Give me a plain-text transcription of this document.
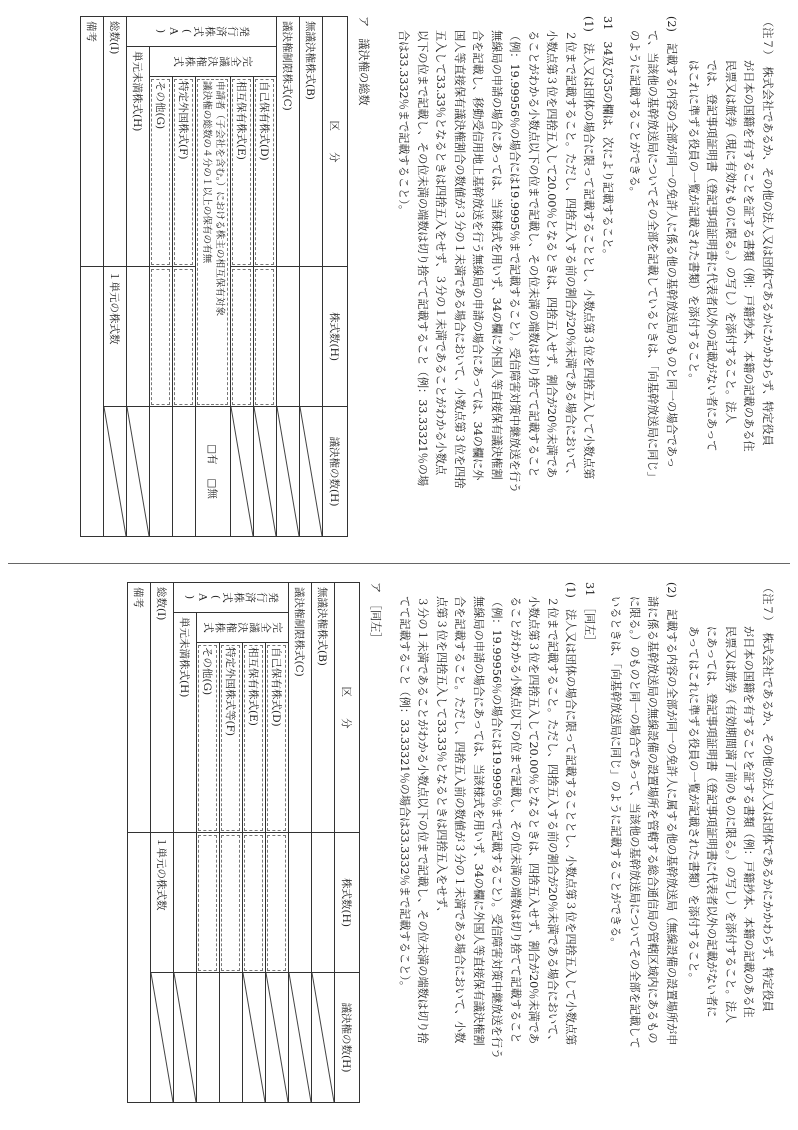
（注７）　株式会社であるか、その他の法人又は団体であるかにかかわらず、特定役員
が日本の国籍を有することを証する書類（例：戸籍抄本、本籍の記載のある住
民票又は旅券（現に有効なものに限る。）の写し）を添付すること。法人
では、登記事項証明書（登記事項証明書に代表者以外の記載がない者にあって
はこれに準ずる役員の一覧が記載された書類）を添付すること。
(2)　記載する内容の全部が同一の免許人に係る他の基幹放送局のものと同一の場合であっ
て、当該他の基幹放送局についてその全部を記載しているときは、「向基幹放送局に同じ」
のように記載することができる。
31　34及び35の欄は、次により記載すること。
(1)　法人又は団体の場合に限って記載することとし、小数点第３位を四捨五入して小数点第
２位まで記載すること。ただし、四捨五入する前の割合が20％未満である場合において、
小数点第３位を四捨五入して20.00％となるときは、四捨五入せず、割合が20％未満であ
ることがわかる小数点以下の位まで記載し、その位未満の端数は切り捨てて記載すること
（例：19.99956％の場合には19.9995％まで記載すること）。受信障害対策中継放送を行う
無線局の申請の場合にあっては、当該様式を用いず、34の欄に外国人等直接保有議決権割
合を記載し、移動受信用地上基幹放送を行う無線局の申請の場合にあっては、34の欄に外
国人等直接保有議決権割合の数値が３分の１未満である場合において、小数点第３位を四捨
五入して33.33％となるときは四捨五入をせず、３分の１未満であることがわかる小数点
以下の位まで記載し、その位未満の端数は切り捨てて記載すること（例：33.33321％の場
合は33.3332％まで記載すること）。
ア　議決権の総数
区　　分			株式数(H)	議決権の数(H)
無議決権株式(B)		

議決権制限株式(C)		

発行済株式(A)	完全議決権株式	自己保有株式(D)		

		相互保有株式(E)		

		申請者（子会社を含む。）における株主の相互保有対象
議決権の総数の４分の１以上の保有の有無		□有　 □無
		特定外国株式(F)		
		その他(G)		
	単元未満株式(H)		

総数(I)			１単元の株式数	

備考				
（注７）　株式会社であるか、その他の法人又は団体であるかにかかわらず、特定役員
が日本の国籍を有することを証する書類（例：戸籍抄本、本籍の記載のある住
民票又は旅券（有効期間満了前のものに限る。）の写し）を添付すること。法人
にあっては、登記事項証明書（登記事項証明書に代表者以外の記載がない者に
あってはこれに準ずる役員の一覧が記載された書類）を添付すること。
(2)　記載する内容の全部が同一の免許人に属する他の基幹放送局（無線設備の設置場所が申
請に係る基幹放送局の無線設備の設置場所を管轄する総合通信局の管轄区域内にあるもの
に限る。）のものと同一の場合であって、当該他の基幹放送局についてその全部を記載して
いるときは、「向基幹放送局に同じ」のように記載することができる。
31　［同左］
(1)　法人又は団体の場合に限って記載することとし、小数点第３位を四捨五入して小数点第
２位まで記載すること。ただし、四捨五入する前の割合が20％未満である場合において、
小数点第３位を四捨五入して20.00％となるときは、四捨五入せず、割合が20％未満であ
ることがわかる小数点以下の位まで記載し、その位未満の端数は切り捨てて記載すること
（例：19.99956％の場合には19.9995％まで記載すること）。受信障害対策中継放送を行う
無線局の申請の場合にあっては、当該様式を用いず、34の欄に外国人等直接保有議決権割
合を記載すること。ただし、四捨五入前の数値が３分の１未満である場合において、小数
点第３位を四捨五入して33.33％となるときは四捨五入をせず、
３分の１未満であることがわかる小数点以下の位まで記載し、その位未満の端数は切り捨
てて記載すること（例：33.33321％の場合は33.3332％まで記載すること）。
ア　［同左］
区　　分			株式数(H)	議決権の数(H)
無議決権株式(B)		

議決権制限株式(C)		

発行済株式(A)	完全議決権株式	自己保有株式(D)		

		相互保有株式(E)		

		特定外国株式等(F)		
		その他(G)		
	単元未満株式(H)		

総数(I)			１単元の株式数	

備考				
